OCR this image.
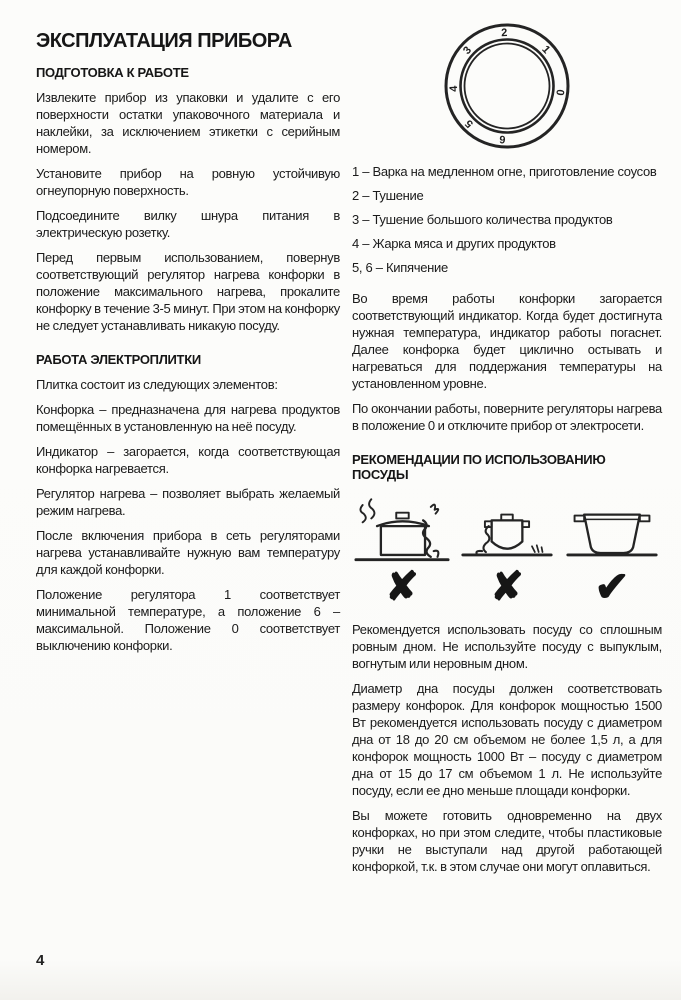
ЭКСПЛУАТАЦИЯ ПРИБОРА
ПОДГОТОВКА К РАБОТЕ

Извлеките прибор из упаковки и удалите с его поверхности остатки упаковочного материала и наклейки, за исключением этикетки с серийным номером.

Установите прибор на ровную устойчивую огнеупорную поверхность.

Подсоедините вилку шнура питания в электрическую розетку.

Перед первым использованием, повернув соответствующий регулятор нагрева конфорки в положение максимального нагрева, прокалите конфорку в течение 3-5 минут. При этом на конфорку не следует устанавливать никакую посуду.

РАБОТА ЭЛЕКТРОПЛИТКИ

Плитка состоит из следующих элементов:

Конфорка – предназначена для нагрева продуктов помещённых в установленную на неё посуду.

Индикатор – загорается, когда соответствующая конфорка нагревается.

Регулятор нагрева – позволяет выбрать желаемый режим нагрева.

После включения прибора в сеть регуляторами нагрева устанавливайте нужную вам температуру для каждой конфорки.

Положение регулятора 1 соответствует минимальной температуре, а положение 6 – максимальной. Положение 0 соответствует выключению конфорки.

0
1
2
3
4
5
6
1 – Варка на медленном огне, приготовление соусов
2 – Тушение
3 – Тушение большого количества продуктов
4 – Жарка мяса и других продуктов
5, 6 – Кипячение

Во время работы конфорки загорается соответствующий индикатор. Когда будет достигнута нужная температура, индикатор работы погаснет. Далее конфорка будет циклично остывать и нагреваться для поддержания температуры на установленном уровне.

По окончании работы, поверните регуляторы нагрева в положение 0 и отключите прибор от электросети.

РЕКОМЕНДАЦИИ ПО ИСПОЛЬЗОВАНИЮ ПОСУДЫ
✘	✘	✔

Рекомендуется использовать посуду со сплошным ровным дном. Не используйте посуду с выпуклым, вогнутым или неровным дном.

Диаметр дна посуды должен соответствовать размеру конфорок. Для конфорок мощностью 1500 Вт рекомендуется использовать посуду с диаметром дна от 18 до 20 см объемом не более 1,5 л, а для конфорок мощность 1000 Вт – посуду с диаметром дна от 15 до 17 см объемом 1 л. Не используйте посуду, если ее дно меньше площади конфорки.

Вы можете готовить одновременно на двух конфорках, но при этом следите, чтобы пластиковые ручки не выступали над другой работающей конфоркой, т.к. в этом случае они могут оплавиться.

4
